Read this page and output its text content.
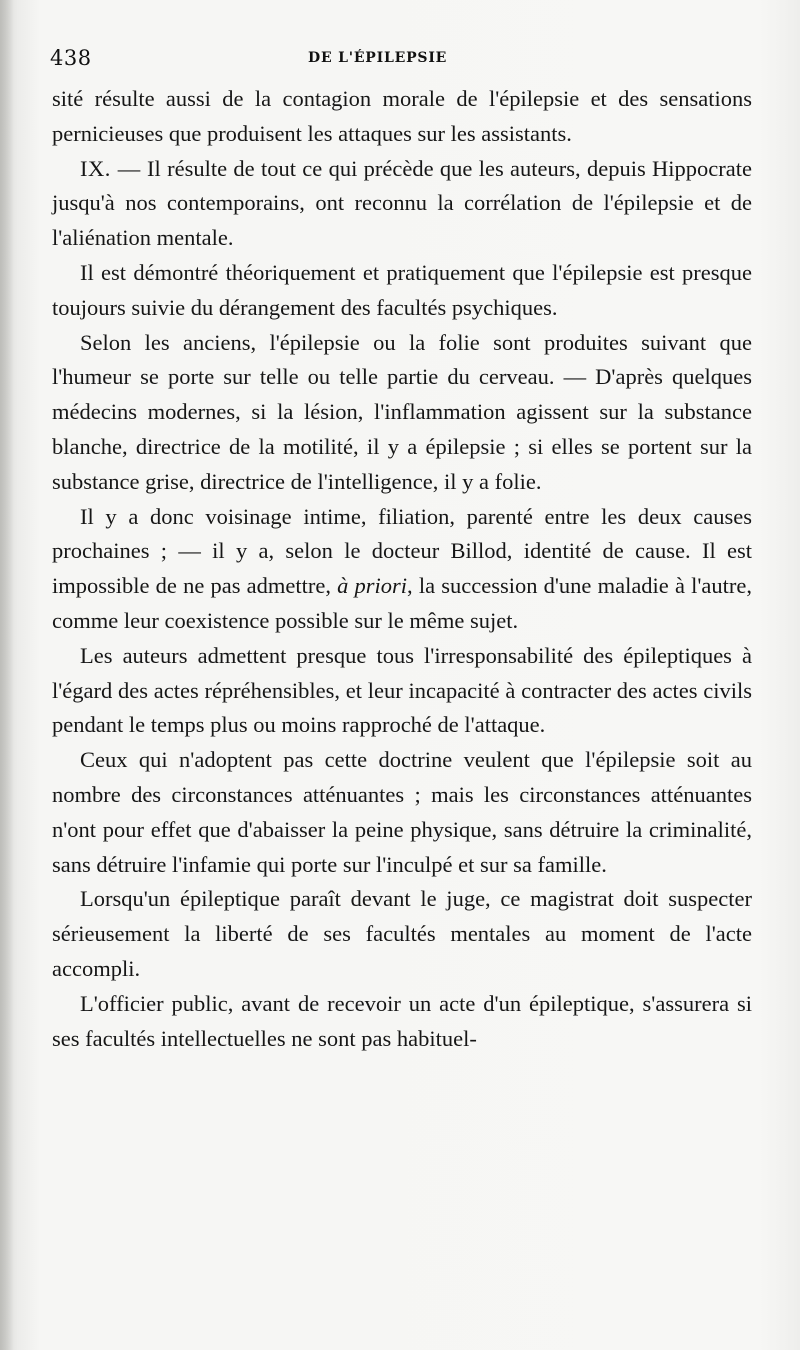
438	DE L'ÉPILEPSIE

sité résulte aussi de la contagion morale de l'épilepsie et des sensations pernicieuses que produisent les attaques sur les assistants.

IX. — Il résulte de tout ce qui précède que les auteurs, depuis Hippocrate jusqu'à nos contemporains, ont reconnu la corrélation de l'épilepsie et de l'aliénation mentale.

Il est démontré théoriquement et pratiquement que l'épilepsie est presque toujours suivie du dérangement des facultés psychiques.

Selon les anciens, l'épilepsie ou la folie sont produites suivant que l'humeur se porte sur telle ou telle partie du cerveau. — D'après quelques médecins modernes, si la lésion, l'inflammation agissent sur la substance blanche, directrice de la motilité, il y a épilepsie ; si elles se portent sur la substance grise, directrice de l'intelligence, il y a folie.

Il y a donc voisinage intime, filiation, parenté entre les deux causes prochaines ; — il y a, selon le docteur Billod, identité de cause. Il est impossible de ne pas admettre, à priori, la succession d'une maladie à l'autre, comme leur coexistence possible sur le même sujet.

Les auteurs admettent presque tous l'irresponsabilité des épileptiques à l'égard des actes répréhensibles, et leur incapacité à contracter des actes civils pendant le temps plus ou moins rapproché de l'attaque.

Ceux qui n'adoptent pas cette doctrine veulent que l'épilepsie soit au nombre des circonstances atténuantes ; mais les circonstances atténuantes n'ont pour effet que d'abaisser la peine physique, sans détruire la criminalité, sans détruire l'infamie qui porte sur l'inculpé et sur sa famille.

Lorsqu'un épileptique paraît devant le juge, ce magistrat doit suspecter sérieusement la liberté de ses facultés mentales au moment de l'acte accompli.

L'officier public, avant de recevoir un acte d'un épileptique, s'assurera si ses facultés intellectuelles ne sont pas habituel-
